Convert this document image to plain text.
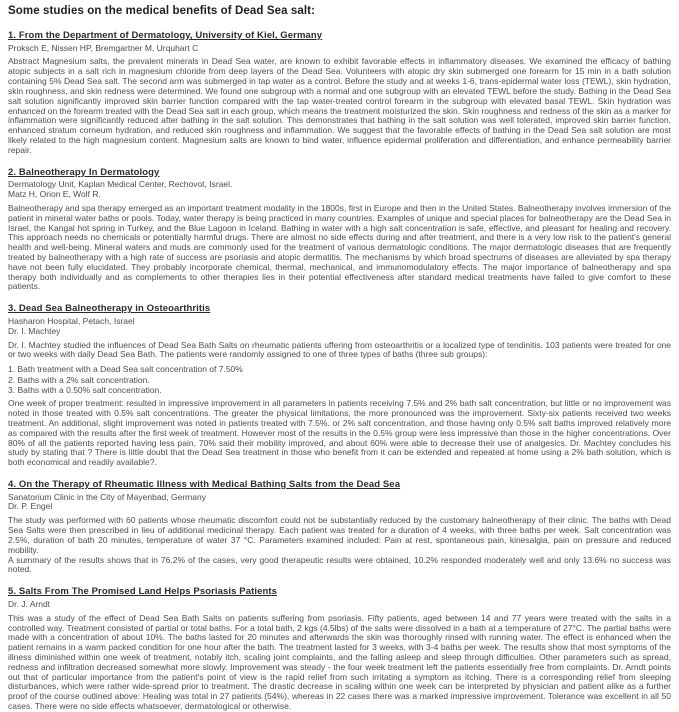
Some studies on the medical benefits of Dead Sea salt:
1. From the Department of Dermatology, University of Kiel, Germany
Proksch E, Nissen HP, Bremgartner M, Urquhart C
Abstract Magnesium salts, the prevalent minerals in Dead Sea water, are known to exhibit favorable effects in inflammatory diseases. We examined the efficacy of bathing atopic subjects in a salt rich in magnesium chloride from deep layers of the Dead Sea. Volunteers with atopic dry skin submerged one forearm for 15 min in a bath solution containing 5% Dead Sea salt. The second arm was submerged in tap water as a control. Before the study and at weeks 1-6, trans-epidermal water loss (TEWL), skin hydration, skin roughness, and skin redness were determined. We found one subgroup with a normal and one subgroup with an elevated TEWL before the study. Bathing in the Dead Sea salt solution significantly improved skin barrier function compared with the tap water-treated control forearm in the subgroup with elevated basal TEWL. Skin hydration was enhanced on the forearm treated with the Dead Sea salt in each group, which means the treatment moisturized the skin. Skin roughness and redness of the skin as a marker for inflammation were significantly reduced after bathing in the salt solution. This demonstrates that bathing in the salt solution was well tolerated, improved skin barrier function, enhanced stratum corneum hydration, and reduced skin roughness and inflammation. We suggest that the favorable effects of bathing in the Dead Sea salt solution are most likely related to the high magnesium content. Magnesium salts are known to bind water, influence epidermal proliferation and differentiation, and enhance permeability barrier repair.
2. Balneotherapy In Dermatology
Dermatology Unit, Kaplan Medical Center, Rechovot, Israel.
Matz H, Orion E, Wolf R.
Balneotherapy and spa therapy emerged as an important treatment modality in the 1800s, first in Europe and then in the United States. Balneotherapy involves immersion of the patient in mineral water baths or pools. Today, water therapy is being practiced in many countries. Examples of unique and special places for balneotherapy are the Dead Sea in Israel, the Kangal hot spring in Turkey, and the Blue Lagoon in Iceland. Bathing in water with a high salt concentration is safe, effective, and pleasant for healing and recovery. This approach needs no chemicals or potentially harmful drugs. There are almost no side effects during and after treatment, and there is a very low risk to the patient's general health and well-being. Mineral waters and muds are commonly used for the treatment of various dermatologic conditions. The major dermatologic diseases that are frequently treated by balneotherapy with a high rate of success are psoriasis and atopic dermatitis. The mechanisms by which broad spectrums of diseases are alleviated by spa therapy have not been fully elucidated. They probably incorporate chemical, thermal, mechanical, and immunomodulatory effects. The major importance of balneotherapy and spa therapy both individually and as complements to other therapies lies in their potential effectiveness after standard medical treatments have failed to give comfort to these patients.
3. Dead Sea Balneotherapy in Osteoarthritis
Hasharon Hospital, Petach, Israel
Dr. I. Machtey
Dr. I. Machtey studied the influences of Dead Sea Bath Salts on rheumatic patients uffering from osteoarthritis or a localized type of tendinitis. 103 patients were treated for one or two weeks with daily Dead Sea Bath. The patients were randomly assigned to one of three types of baths (three sub groups):
1. Bath treatment with a Dead Sea salt concentration of 7.50%
2. Baths with a 2% salt concentration.
3. Baths with a 0.50% salt concentration.
One week of proper treatment: resulted in impressive improvement in all parameters in patients receiving 7.5% and 2% bath salt concentration, but little or no improvement was noted in those treated with 0.5% salt concentrations. The greater the physical limitations, the more pronounced was the improvement. Sixty-six patients received two weeks treatment. An additional, slight improvement was noted in patients treated with 7.5%. or 2% salt concentration, and those having only 0.5% salt baths improved relatively more as compared with the results after the first week of treatment. However most of the results in the 0.5% group were less impressive than those in the higher concentrations. Over 80% of all the patients reported having less pain, 70% said their mobility improved, and about 60% were able to decrease their use of analgesics. Dr. Machtey concludes his study by stating that ? There is little doubt that the Dead Sea treatment in those who benefit from it can be extended and repeated at home using a 2% bath solution, which is both economical and readily available?.
4. On the Therapy of Rheumatic Illness with Medical Bathing Salts from the Dead Sea
Sanatorium Clinic in the City of Mayenbad, Germany
Dr. P. Engel
The study was performed with 60 patients whose rheumatic discomfort could not be substantially reduced by the customary balneotherapy of their clinic. The baths with Dead Sea Salts were then prescribed in lieu of additional medicinal therapy. Each patient was treated for a duration of 4 weeks, with three baths per week. Salt concentration was 2.5%, duration of bath 20 minutes, temperature of water 37 °C. Parameters examined included: Pain at rest, spontaneous pain, kinesalgia, pain on pressure and reduced mobility.
A summary of the results shows that in 76.2% of the cases, very good therapeutic results were obtained, 10.2% responded moderately well and only 13.6% no success was noted.
5. Salts From The Promised Land Helps Psoriasis Patients
Dr. J. Arndt
This was a study of the effect of Dead Sea Bath Salts on patients suffering from psoriasis. Fifty patients, aged between 14 and 77 years were treated with the salts in a controlled way. Treatment consisted of partial or total baths. For a total bath, 2 kgs (4.5lbs) of the salts were dissolved in a bath at a temperature of 27°C. The partial baths were made with a concentration of about 10%. The baths lasted for 20 minutes and afterwards the skin was thoroughly rinsed with running water. The effect is enhanced when the patient remains in a warm packed condition for one hour after the bath. The treatment lasted for 3 weeks, with 3-4 baths per week. The results show that most symptoms of the illness diminished within one week of treatment, notably itch, scaling joint complaints, and the falling asleep and sleep through difficulties. Other parameters such as spread, redness and infiltration decreased somewhat more slowly. Improvement was steady - the four week treatment left the patients essentially free from complaints. Dr. Arndt points out that of particular importance from the patient's point of view is the rapid relief from such irritating a symptom as itching. There is a corresponding relief from sleeping disturbances, which were rather wide-spread prior to treatment. The drastic decrease in scaling within one week can be interpreted by physician and patient alike as a further proof of the course outlined above: Healing was total in 27 patients (54%), whereas in 22 cases there was a marked impressive improvement. Tolerance was excellent in all 50 cases. There were no side effects whatsoever, dermatological or otherwise.
